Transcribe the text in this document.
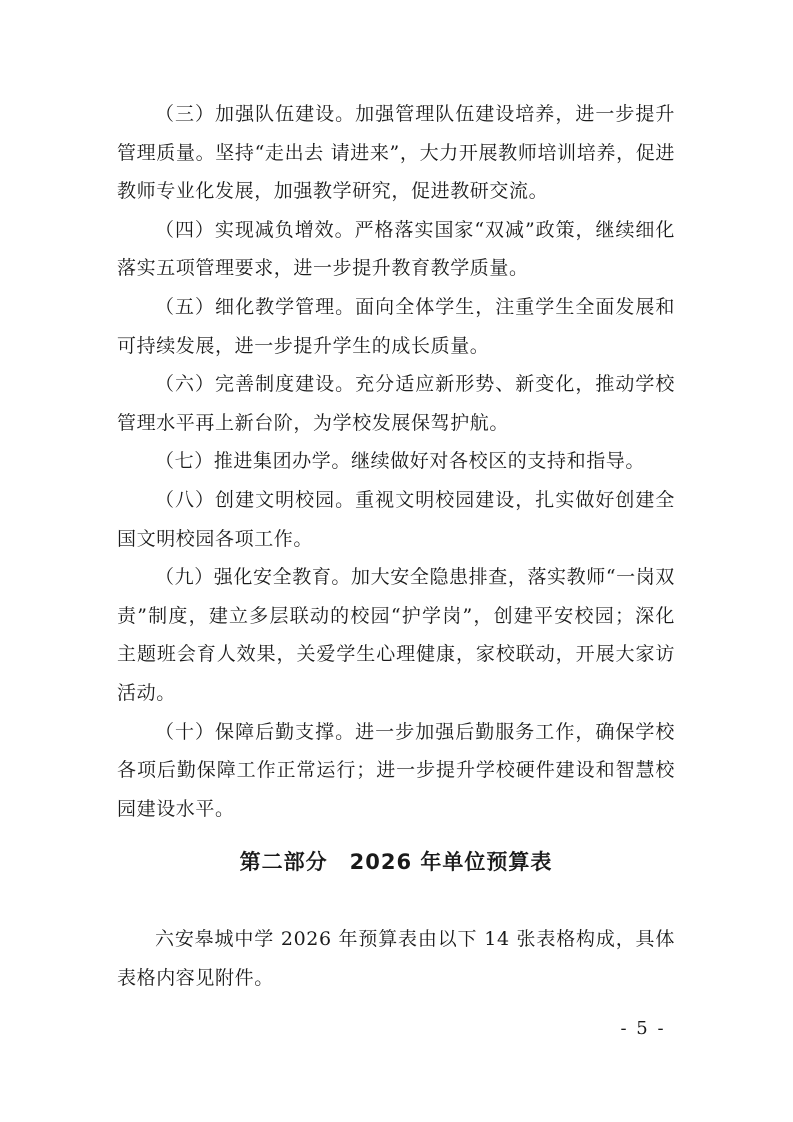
（三）加强队伍建设。加强管理队伍建设培养，进一步提升管理质量。坚持“走出去 请进来”，大力开展教师培训培养，促进教师专业化发展，加强教学研究，促进教研交流。

（四）实现减负增效。严格落实国家“双减”政策，继续细化落实五项管理要求，进一步提升教育教学质量。

（五）细化教学管理。面向全体学生，注重学生全面发展和可持续发展，进一步提升学生的成长质量。

（六）完善制度建设。充分适应新形势、新变化，推动学校管理水平再上新台阶，为学校发展保驾护航。

（七）推进集团办学。继续做好对各校区的支持和指导。

（八）创建文明校园。重视文明校园建设，扎实做好创建全国文明校园各项工作。

（九）强化安全教育。加大安全隐患排查，落实教师“一岗双责”制度，建立多层联动的校园“护学岗”，创建平安校园；深化主题班会育人效果，关爱学生心理健康，家校联动，开展大家访活动。

（十）保障后勤支撑。进一步加强后勤服务工作，确保学校各项后勤保障工作正常运行；进一步提升学校硬件建设和智慧校园建设水平。

第二部分　2026 年单位预算表

六安皋城中学 2026 年预算表由以下 14 张表格构成，具体表格内容见附件。

- 5 -
